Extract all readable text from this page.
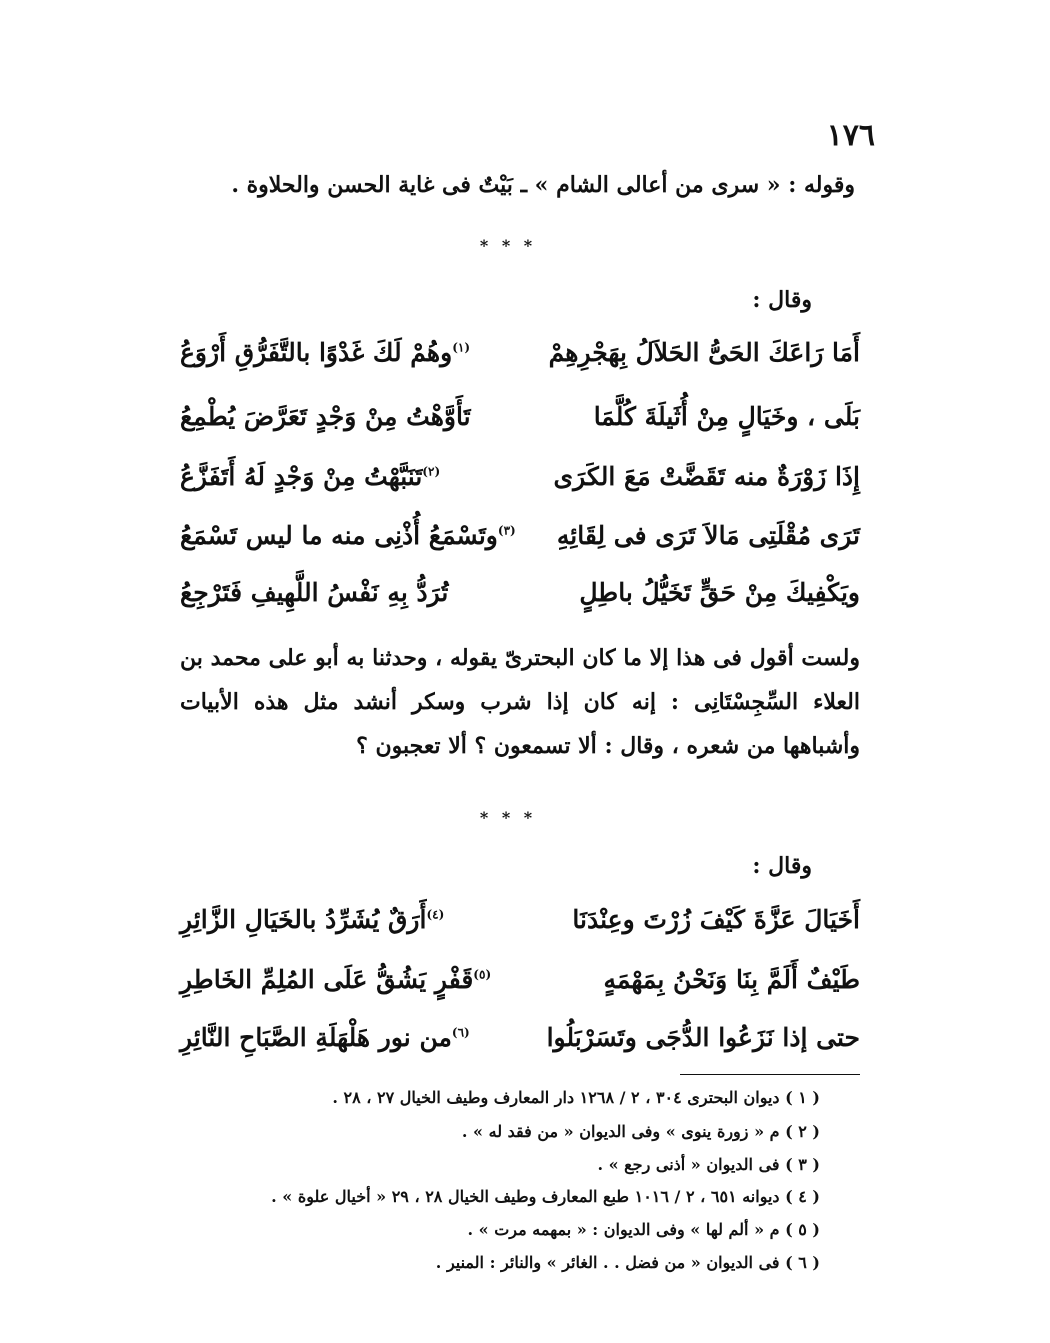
١٧٦
وقوله : « سرى من أعالى الشام » ـ بَيْتٌ فى غاية الحسن والحلاوة .
* * *
وقال :
أَمَا رَاعَكَ الحَىُّ الحَلاَلُ بِهَجْرِهِمْ
$^{(١)}$وهُمْ لَكَ غَدْوًا بالتَّفَرُّقِ أَرْوَعُ
بَلَى ، وخَيَالٍ مِنْ أُثَيلَةَ كُلَّمَا
تَأَوَّهْتُ مِنْ وَجْدٍ تَعَرَّضَ يُطْمِعُ
إِذَا زَوْرَةٌ منه تَقَضَّتْ مَعَ الكَرَى
$^{(٢)}$تَنَبَّهْتُ مِنْ وَجْدٍ لَهُ أَتَفَزَّعُ
تَرَى مُقْلَتِى مَالاَ تَرَى فى لِقَائِهِ
$^{(٣)}$وتَسْمَعُ أُذْنِى منه ما ليس تَسْمَعُ
ويَكْفِيكَ مِنْ حَقٍّ تَخَيُّلُ باطِلٍ
تُرَدُّ بِهِ نَفْسُ اللَّهِيفِ فَتَرْجِعُ
ولست أقول فى هذا إلا ما كان البحترىّ يقوله ، وحدثنا به أبو على محمد بن العلاء السِّجِسْتَانِى : إنه كان إذا شرب وسكر أنشد مثل هذه الأبيات وأشباهها من شعره ، وقال : ألا تسمعون ؟ ألا تعجبون ؟
* * *
وقال :
أَخَيَالَ عَزَّةَ كَيْفَ زُرْتَ وعِنْدَنَا
$^{(٤)}$أَرَقٌ يُشَرِّدُ بالخَيَالِ الزَّائِرِ
طَيْفٌ أَلَمَّ بِنَا وَنَحْنُ بِمَهْمَهٍ
$^{(٥)}$قَفْرٍ يَشُقُّ عَلَى المُلِمِّ الخَاطِرِ
حتى إذا نَزَعُوا الدُّجَى وتَسَرْبَلُوا
$^{(٦)}$من نور هَلْهَلَةِ الصَّبَاحِ النَّائِرِ
( ١ ) ديوان البحترى ٣٠٤ ، ٢ / ١٢٦٨ دار المعارف وطيف الخيال ٢٧ ، ٢٨ .
( ٢ ) م « زورة ينوى » وفى الديوان « من فقد له » .
( ٣ ) فى الديوان « أذنى رجع » .
( ٤ ) ديوانه ٦٥١ ، ٢ / ١٠١٦ طبع المعارف وطيف الخيال ٢٨ ، ٢٩ « أخيال علوة » .
( ٥ ) م « ألم لها » وفى الديوان : « بمهمه مرت » .
( ٦ ) فى الديوان « من فضل . . الغائر » والنائر : المنير .
